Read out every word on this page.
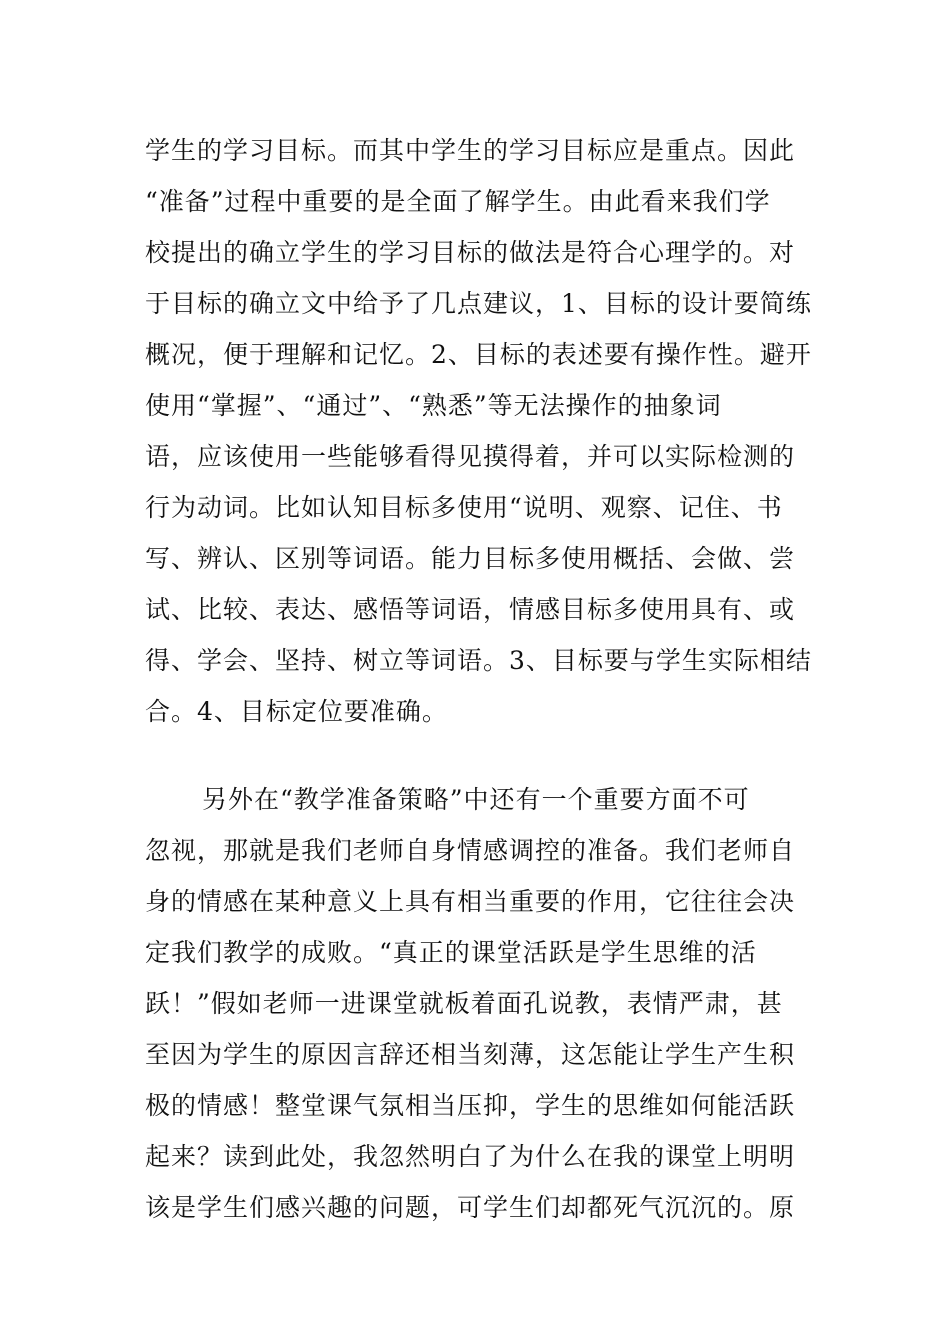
学生的学习目标。而其中学生的学习目标应是重点。因此
“准备”过程中重要的是全面了解学生。由此看来我们学
校提出的确立学生的学习目标的做法是符合心理学的。对
于目标的确立文中给予了几点建议，1、目标的设计要简练
概况，便于理解和记忆。2、目标的表述要有操作性。避开
使用“掌握”、“通过”、“熟悉”等无法操作的抽象词
语，应该使用一些能够看得见摸得着，并可以实际检测的
行为动词。比如认知目标多使用“说明、观察、记住、书
写、辨认、区别等词语。能力目标多使用概括、会做、尝
试、比较、表达、感悟等词语，情感目标多使用具有、或
得、学会、坚持、树立等词语。3、目标要与学生实际相结
合。4、目标定位要准确。

另外在“教学准备策略”中还有一个重要方面不可
忽视，那就是我们老师自身情感调控的准备。我们老师自
身的情感在某种意义上具有相当重要的作用，它往往会决
定我们教学的成败。“真正的课堂活跃是学生思维的活
跃！”假如老师一进课堂就板着面孔说教，表情严肃，甚
至因为学生的原因言辞还相当刻薄，这怎能让学生产生积
极的情感！整堂课气氛相当压抑，学生的思维如何能活跃
起来？读到此处，我忽然明白了为什么在我的课堂上明明
该是学生们感兴趣的问题，可学生们却都死气沉沉的。原
